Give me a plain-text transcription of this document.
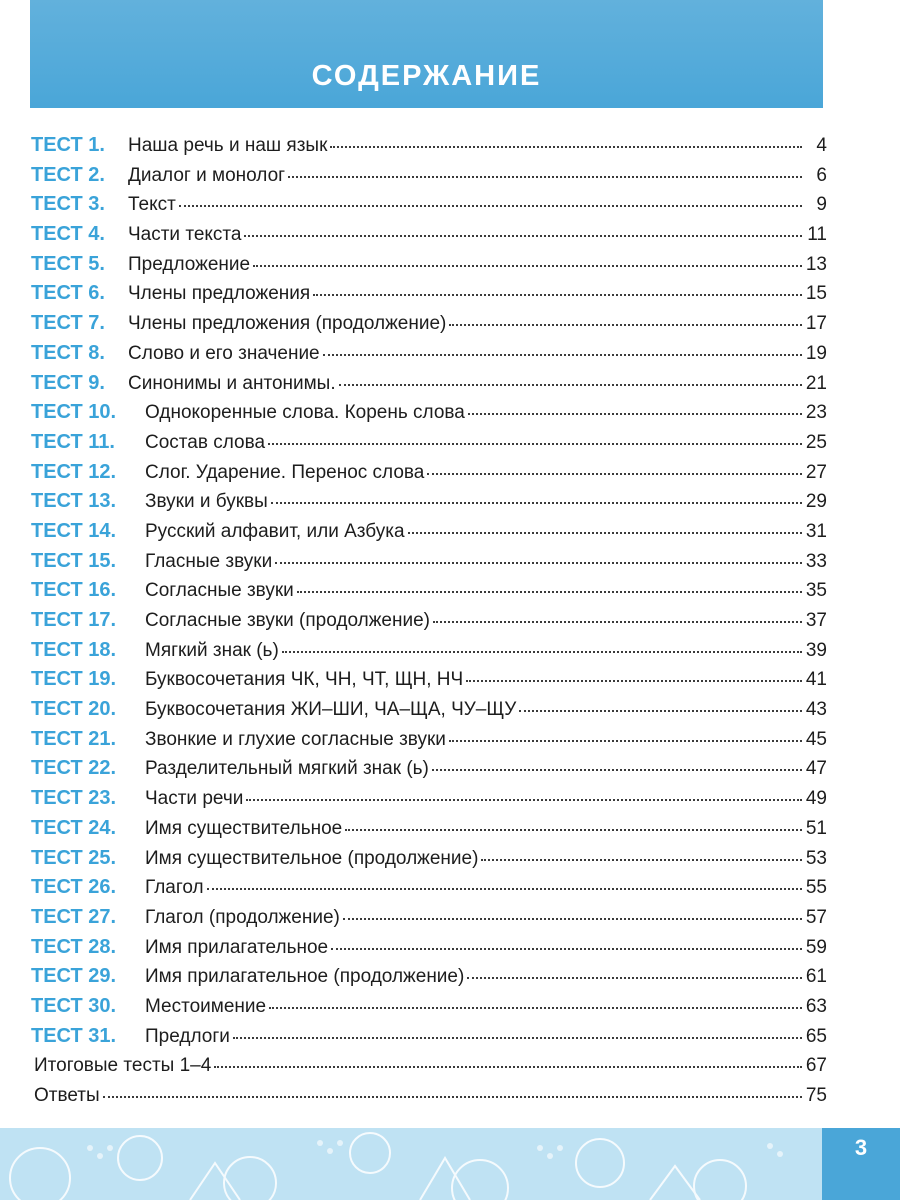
СОДЕРЖАНИЕ
ТЕСТ 1.	Наша речь и наш язык	4
ТЕСТ 2.	Диалог и монолог	6
ТЕСТ 3.	Текст	9
ТЕСТ 4.	Части текста	11
ТЕСТ 5.	Предложение	13
ТЕСТ 6.	Члены предложения	15
ТЕСТ 7.	Члены предложения (продолжение)	17
ТЕСТ 8.	Слово и его значение	19
ТЕСТ 9.	Синонимы и антонимы.	21
ТЕСТ 10.	Однокоренные слова. Корень слова	23
ТЕСТ 11.	Состав слова	25
ТЕСТ 12.	Слог. Ударение. Перенос слова	27
ТЕСТ 13.	Звуки и буквы	29
ТЕСТ 14.	Русский алфавит, или Азбука	31
ТЕСТ 15.	Гласные звуки	33
ТЕСТ 16.	Согласные звуки	35
ТЕСТ 17.	Согласные звуки (продолжение)	37
ТЕСТ 18.	Мягкий знак (ь)	39
ТЕСТ 19.	Буквосочетания ЧК, ЧН, ЧТ, ЩН, НЧ	41
ТЕСТ 20.	Буквосочетания ЖИ–ШИ, ЧА–ЩА, ЧУ–ЩУ	43
ТЕСТ 21.	Звонкие и глухие согласные звуки	45
ТЕСТ 22.	Разделительный мягкий знак (ь)	47
ТЕСТ 23.	Части речи	49
ТЕСТ 24.	Имя существительное	51
ТЕСТ 25.	Имя существительное (продолжение)	53
ТЕСТ 26.	Глагол	55
ТЕСТ 27.	Глагол (продолжение)	57
ТЕСТ 28.	Имя прилагательное	59
ТЕСТ 29.	Имя прилагательное (продолжение)	61
ТЕСТ 30.	Местоимение	63
ТЕСТ 31.	Предлоги	65
Итоговые тесты 1–4	67
Ответы	75
3
